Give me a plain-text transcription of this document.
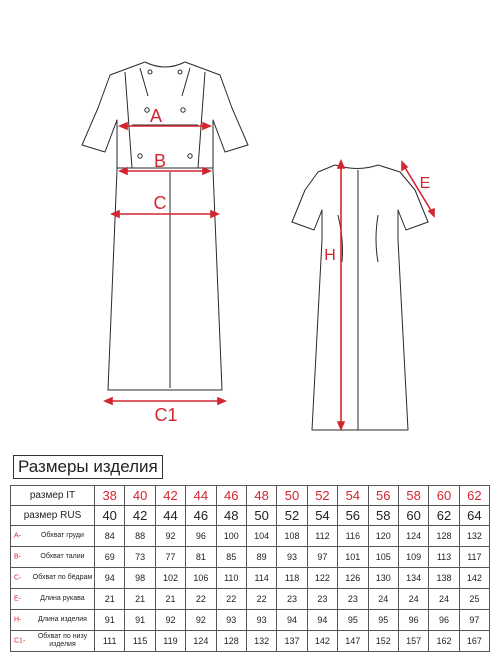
A
B
C
C1
H
E
Размеры изделия
размер IT	38	40	42	44	46	48	50	52	54	56	58	60	62
размер RUS	40	42	44	46	48	50	52	54	56	58	60	62	64

A- Обхват груди	84	88	92	96	100	104	108	112	116	120	124	128	132

B- Обхват талии	69	73	77	81	85	89	93	97	101	105	109	113	117

C- Обхват по бёдрам	94	98	102	106	110	114	118	122	126	130	134	138	142

E- Длина рукава	21	21	21	22	22	22	23	23	23	24	24	24	25

H- Длина изделия	91	91	92	92	93	93	94	94	95	95	96	96	97

C1-
Обхват по низу изделия	111	115	119	124	128	132	137	142	147	152	157	162	167
